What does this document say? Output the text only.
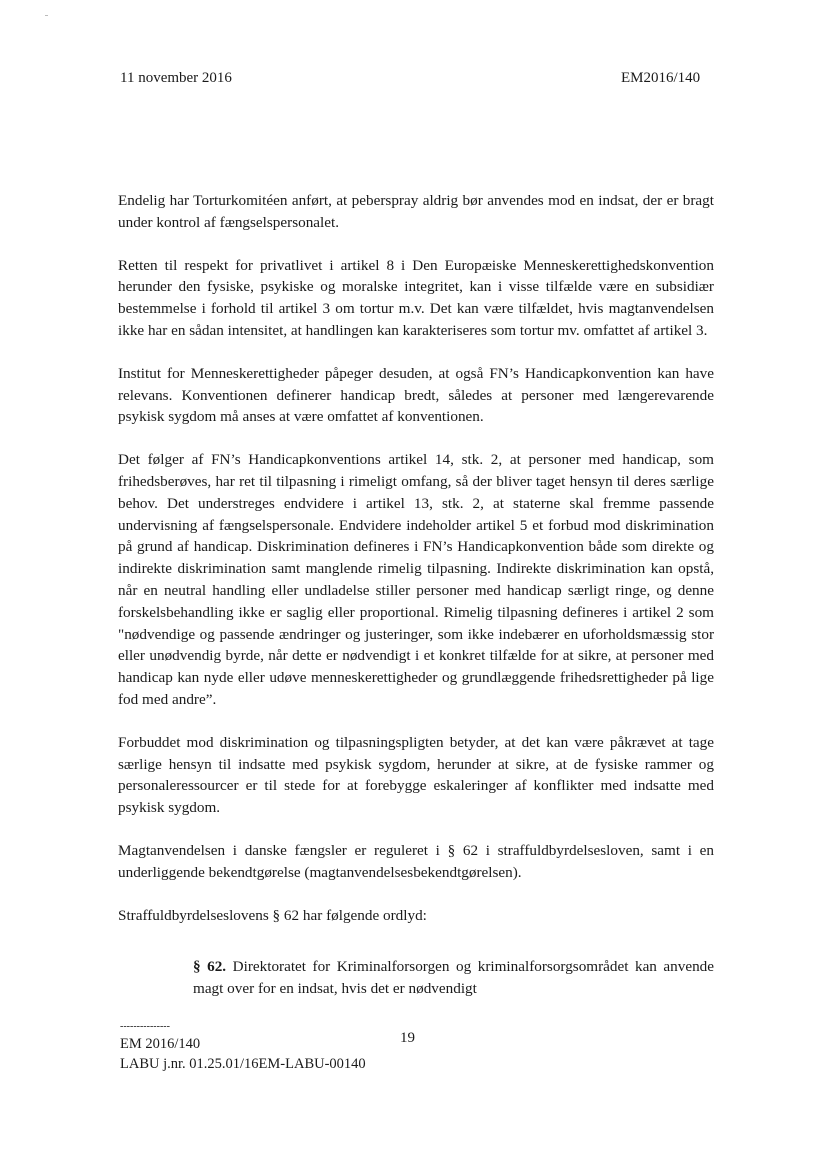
11 november 2016	EM2016/140

Endelig har Torturkomitéen anført, at peberspray aldrig bør anvendes mod en indsat, der er bragt under kontrol af fængselspersonalet.

Retten til respekt for privatlivet i artikel 8 i Den Europæiske Menneskerettighedskonvention herunder den fysiske, psykiske og moralske integritet, kan i visse tilfælde være en subsidiær bestemmelse i forhold til artikel 3 om tortur m.v. Det kan være tilfældet, hvis magtanvendelsen ikke har en sådan intensitet, at handlingen kan karakteriseres som tortur mv. omfattet af artikel 3.

Institut for Menneskerettigheder påpeger desuden, at også FN’s Handicapkonvention kan have relevans. Konventionen definerer handicap bredt, således at personer med længerevarende psykisk sygdom må anses at være omfattet af konventionen.

Det følger af FN’s Handicapkonventions artikel 14, stk. 2, at personer med handicap, som frihedsberøves, har ret til tilpasning i rimeligt omfang, så der bliver taget hensyn til deres særlige behov. Det understreges endvidere i artikel 13, stk. 2, at staterne skal fremme passende undervisning af fængselspersonale. Endvidere indeholder artikel 5 et forbud mod diskrimination på grund af handicap. Diskrimination defineres i FN’s Handicapkonvention både som direkte og indirekte diskrimination samt manglende rimelig tilpasning. Indirekte diskrimination kan opstå, når en neutral handling eller undladelse stiller personer med handicap særligt ringe, og denne forskelsbehandling ikke er saglig eller proportional. Rimelig tilpasning defineres i artikel 2 som "nødvendige og passende ændringer og justeringer, som ikke indebærer en uforholdsmæssig stor eller unødvendig byrde, når dette er nødvendigt i et konkret tilfælde for at sikre, at personer med handicap kan nyde eller udøve menneskerettigheder og grundlæggende frihedsrettigheder på lige fod med andre”.

Forbuddet mod diskrimination og tilpasningspligten betyder, at det kan være påkrævet at tage særlige hensyn til indsatte med psykisk sygdom, herunder at sikre, at de fysiske rammer og personaleressourcer er til stede for at forebygge eskaleringer af konflikter med indsatte med psykisk sygdom.

Magtanvendelsen i danske fængsler er reguleret i § 62 i straffuldbyrdelsesloven, samt i en underliggende bekendtgørelse (magtanvendelsesbekendtgørelsen).

Straffuldbyrdelseslovens § 62 har følgende ordlyd:

§ 62. Direktoratet for Kriminalforsorgen og kriminalforsorgsområdet kan anvende magt over for en indsat, hvis det er nødvendigt
19
---------------
EM 2016/140
LABU j.nr. 01.25.01/16EM-LABU-00140
